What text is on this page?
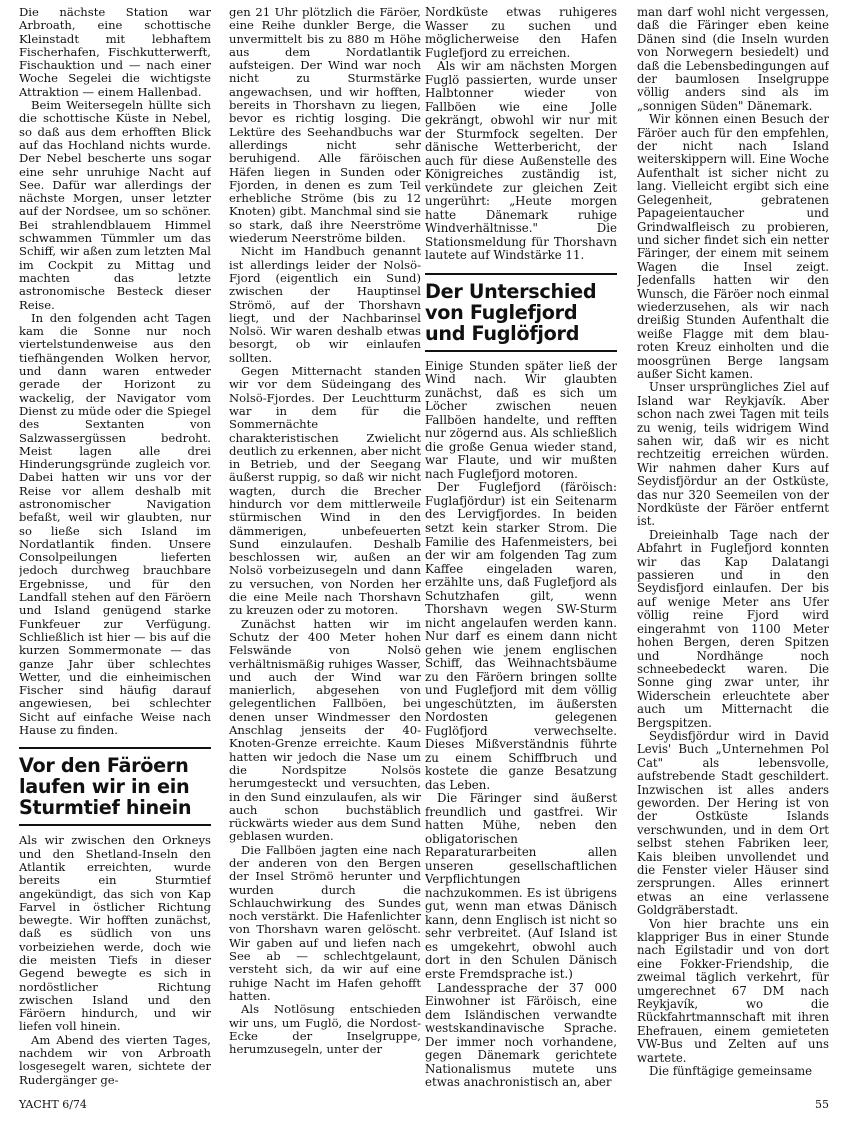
Die nächste Station war Arbroath, eine schottische Kleinstadt mit lebhaftem Fischerhafen, Fischkutterwerft, Fischauktion und — nach einer Woche Segelei die wichtigste Attraktion — einem Hallenbad.

Beim Weitersegeln hüllte sich die schottische Küste in Nebel, so daß aus dem erhofften Blick auf das Hochland nichts wurde. Der Nebel bescherte uns sogar eine sehr unruhige Nacht auf See. Dafür war allerdings der nächste Morgen, unser letzter auf der Nordsee, um so schöner. Bei strahlendblauem Himmel schwammen Tümmler um das Schiff, wir aßen zum letzten Mal im Cockpit zu Mittag und machten das letzte astronomische Besteck dieser Reise.

In den folgenden acht Tagen kam die Sonne nur noch viertelstundenweise aus den tiefhängenden Wolken hervor, und dann waren entweder gerade der Horizont zu wackelig, der Navigator vom Dienst zu müde oder die Spiegel des Sextanten von Salzwassergüssen bedroht. Meist lagen alle drei Hinderungsgründe zugleich vor. Dabei hatten wir uns vor der Reise vor allem deshalb mit astronomischer Navigation befaßt, weil wir glaubten, nur so ließe sich Island im Nordatlantik finden. Unsere Consolpeilungen lieferten jedoch durchweg brauchbare Ergebnisse, und für den Landfall stehen auf den Färöern und Island genügend starke Funkfeuer zur Verfügung. Schließlich ist hier — bis auf die kurzen Sommermonate — das ganze Jahr über schlechtes Wetter, und die einheimischen Fischer sind häufig darauf angewiesen, bei schlechter Sicht auf einfache Weise nach Hause zu finden.

Vor den Färöern laufen wir in ein Sturmtief hinein

Als wir zwischen den Orkneys und den Shetland-Inseln den Atlantik erreichten, wurde bereits ein Sturmtief angekündigt, das sich von Kap Farvel in östlicher Richtung bewegte. Wir hofften zunächst, daß es südlich von uns vorbeiziehen werde, doch wie die meisten Tiefs in dieser Gegend bewegte es sich in nordöstlicher Richtung zwischen Island und den Färöern hindurch, und wir liefen voll hinein.

Am Abend des vierten Tages, nachdem wir von Arbroath losgesegelt waren, sichtete der Rudergänger ge-

gen 21 Uhr plötzlich die Färöer, eine Reihe dunkler Berge, die unvermittelt bis zu 880 m Höhe aus dem Nordatlantik aufsteigen. Der Wind war noch nicht zu Sturmstärke angewachsen, und wir hofften, bereits in Thorshavn zu liegen, bevor es richtig losging. Die Lektüre des Seehandbuchs war allerdings nicht sehr beruhigend. Alle färöischen Häfen liegen in Sunden oder Fjorden, in denen es zum Teil erhebliche Ströme (bis zu 12 Knoten) gibt. Manchmal sind sie so stark, daß ihre Neerströme wiederum Neerströme bilden.

Nicht im Handbuch genannt ist allerdings leider der Nolsö-Fjord (eigentlich ein Sund) zwischen der Hauptinsel Strömö, auf der Thorshavn liegt, und der Nachbarinsel Nolsö. Wir waren deshalb etwas besorgt, ob wir einlaufen sollten.

Gegen Mitternacht standen wir vor dem Südeingang des Nolsö-Fjordes. Der Leuchtturm war in dem für die Sommernächte charakteristischen Zwielicht deutlich zu erkennen, aber nicht in Betrieb, und der Seegang äußerst ruppig, so daß wir nicht wagten, durch die Brecher hindurch vor dem mittlerweile stürmischen Wind in den dämmerigen, unbefeuerten Sund einzulaufen. Deshalb beschlossen wir, außen an Nolsö vorbeizusegeln und dann zu versuchen, von Norden her die eine Meile nach Thorshavn zu kreuzen oder zu motoren.

Zunächst hatten wir im Schutz der 400 Meter hohen Felswände von Nolsö verhältnismäßig ruhiges Wasser, und auch der Wind war manierlich, abgesehen von gelegentlichen Fallböen, bei denen unser Windmesser den Anschlag jenseits der 40-Knoten-Grenze erreichte. Kaum hatten wir jedoch die Nase um die Nordspitze Nolsös herumgesteckt und versuchten, in den Sund einzulaufen, als wir auch schon buchstäblich rückwärts wieder aus dem Sund geblasen wurden.

Die Fallböen jagten eine nach der anderen von den Bergen der Insel Strömö herunter und wurden durch die Schlauchwirkung des Sundes noch verstärkt. Die Hafenlichter von Thorshavn waren gelöscht. Wir gaben auf und liefen nach See ab — schlechtgelaunt, versteht sich, da wir auf eine ruhige Nacht im Hafen gehofft hatten.

Als Notlösung entschieden wir uns, um Fuglö, die Nordost-Ecke der Inselgruppe, herumzusegeln, unter der

Nordküste etwas ruhigeres Wasser zu suchen und möglicherweise den Hafen Fuglefjord zu erreichen.

Als wir am nächsten Morgen Fuglö passierten, wurde unser Halbtonner wieder von Fallböen wie eine Jolle gekrängt, obwohl wir nur mit der Sturmfock segelten. Der dänische Wetterbericht, der auch für diese Außenstelle des Königreiches zuständig ist, verkündete zur gleichen Zeit ungerührt: „Heute morgen hatte Dänemark ruhige Windverhältnisse." Die Stationsmeldung für Thorshavn lautete auf Windstärke 11.

Der Unterschied von Fuglefjord und Fuglöfjord

Einige Stunden später ließ der Wind nach. Wir glaubten zunächst, daß es sich um Löcher zwischen neuen Fallböen handelte, und refften nur zögernd aus. Als schließlich die große Genua wieder stand, war Flaute, und wir mußten nach Fuglefjord motoren.

Der Fuglefjord (färöisch: Fuglafjördur) ist ein Seitenarm des Lervigfjordes. In beiden setzt kein starker Strom. Die Familie des Hafenmeisters, bei der wir am folgenden Tag zum Kaffee eingeladen waren, erzählte uns, daß Fuglefjord als Schutzhafen gilt, wenn Thorshavn wegen SW-Sturm nicht angelaufen werden kann. Nur darf es einem dann nicht gehen wie jenem englischen Schiff, das Weihnachtsbäume zu den Färöern bringen sollte und Fuglefjord mit dem völlig ungeschützten, im äußersten Nordosten gelegenen Fuglöfjord verwechselte. Dieses Mißverständnis führte zu einem Schiffbruch und kostete die ganze Besatzung das Leben.

Die Färinger sind äußerst freundlich und gastfrei. Wir hatten Mühe, neben den obligatorischen Reparaturarbeiten allen unseren gesellschaftlichen Verpflichtungen nachzukommen. Es ist übrigens gut, wenn man etwas Dänisch kann, denn Englisch ist nicht so sehr verbreitet. (Auf Island ist es umgekehrt, obwohl auch dort in den Schulen Dänisch erste Fremdsprache ist.)

Landessprache der 37 000 Einwohner ist Färöisch, eine dem Isländischen verwandte westskandinavische Sprache. Der immer noch vorhandene, gegen Dänemark gerichtete Nationalismus mutete uns etwas anachronistisch an, aber

man darf wohl nicht vergessen, daß die Färinger eben keine Dänen sind (die Inseln wurden von Norwegern besiedelt) und daß die Lebensbedingungen auf der baumlosen Inselgruppe völlig anders sind als im „sonnigen Süden" Dänemark.

Wir können einen Besuch der Färöer auch für den empfehlen, der nicht nach Island weiterskippern will. Eine Woche Aufenthalt ist sicher nicht zu lang. Vielleicht ergibt sich eine Gelegenheit, gebratenen Papageientaucher und Grindwalfleisch zu probieren, und sicher findet sich ein netter Färinger, der einem mit seinem Wagen die Insel zeigt. Jedenfalls hatten wir den Wunsch, die Färöer noch einmal wiederzusehen, als wir nach dreißig Stunden Aufenthalt die weiße Flagge mit dem blau-roten Kreuz einholten und die moosgrünen Berge langsam außer Sicht kamen.

Unser ursprüngliches Ziel auf Island war Reykjavík. Aber schon nach zwei Tagen mit teils zu wenig, teils widrigem Wind sahen wir, daß wir es nicht rechtzeitig erreichen würden. Wir nahmen daher Kurs auf Seydisfjördur an der Ostküste, das nur 320 Seemeilen von der Nordküste der Färöer entfernt ist.

Dreieinhalb Tage nach der Abfahrt in Fuglefjord konnten wir das Kap Dalatangi passieren und in den Seydisfjord einlaufen. Der bis auf wenige Meter ans Ufer völlig reine Fjord wird eingerahmt von 1100 Meter hohen Bergen, deren Spitzen und Nordhänge noch schneebedeckt waren. Die Sonne ging zwar unter, ihr Widerschein erleuchtete aber auch um Mitternacht die Bergspitzen.

Seydisfjördur wird in David Levis' Buch „Unternehmen Pol Cat" als lebensvolle, aufstrebende Stadt geschildert. Inzwischen ist alles anders geworden. Der Hering ist von der Ostküste Islands verschwunden, und in dem Ort selbst stehen Fabriken leer, Kais bleiben unvollendet und die Fenster vieler Häuser sind zersprungen. Alles erinnert etwas an eine verlassene Goldgräberstadt.

Von hier brachte uns ein klappriger Bus in einer Stunde nach Egilstadir und von dort eine Fokker-Friendship, die zweimal täglich verkehrt, für umgerechnet 67 DM nach Reykjavík, wo die Rückfahrtmannschaft mit ihren Ehefrauen, einem gemieteten VW-Bus und Zelten auf uns wartete.

Die fünftägige gemeinsame

YACHT 6/74	55
